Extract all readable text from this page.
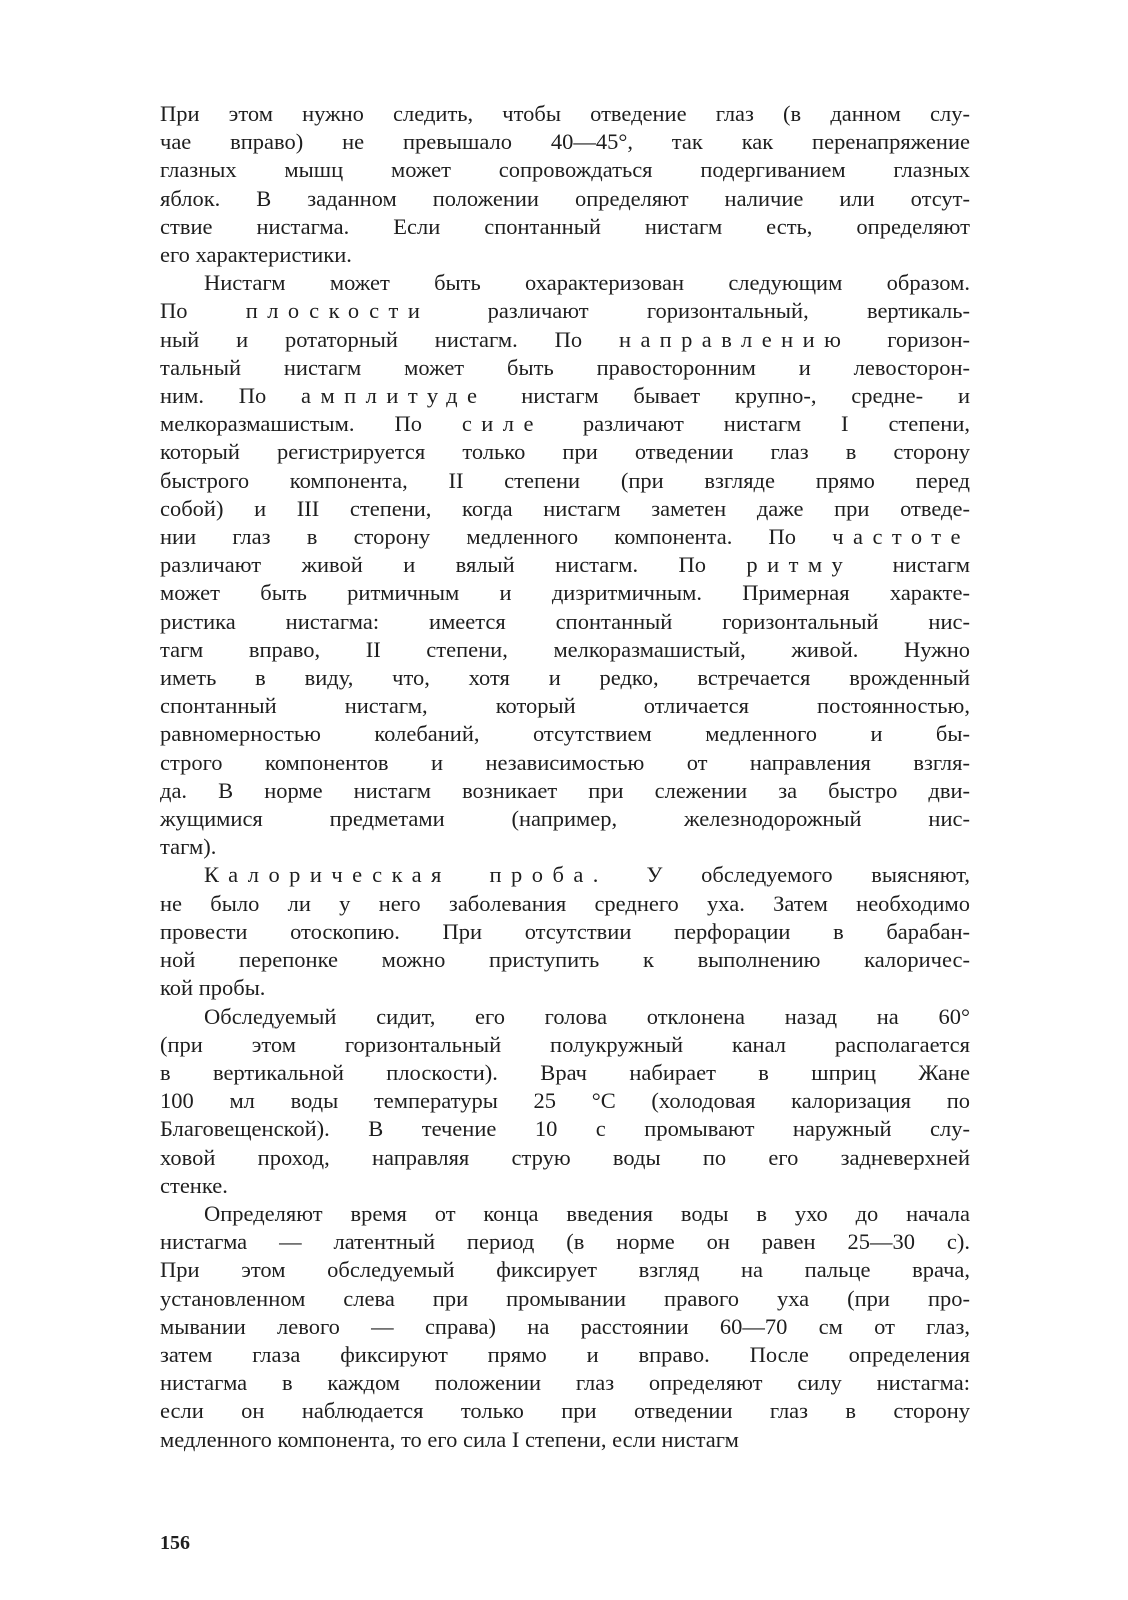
При этом нужно следить, чтобы отведение глаз (в данном слу-
чае вправо) не превышало 40—45°, так как перенапряжение
глазных мышц может сопровождаться подергиванием глазных
яблок. В заданном положении определяют наличие или отсут-
ствие нистагма. Если спонтанный нистагм есть, определяют
его характеристики.

Нистагм может быть охарактеризован следующим образом.
По плоскости различают горизонтальный, вертикаль-
ный и ротаторный нистагм. По направлению горизон-
тальный нистагм может быть правосторонним и левосторон-
ним. По амплитуде нистагм бывает крупно-, средне- и
мелкоразмашистым. По силе различают нистагм I степени,
который регистрируется только при отведении глаз в сторону
быстрого компонента, II степени (при взгляде прямо перед
собой) и III степени, когда нистагм заметен даже при отведе-
нии глаз в сторону медленного компонента. По частоте
различают живой и вялый нистагм. По ритму нистагм
может быть ритмичным и дизритмичным. Примерная характе-
ристика нистагма: имеется спонтанный горизонтальный нис-
тагм вправо, II степени, мелкоразмашистый, живой. Нужно
иметь в виду, что, хотя и редко, встречается врожденный
спонтанный нистагм, который отличается постоянностью,
равномерностью колебаний, отсутствием медленного и бы-
строго компонентов и независимостью от направления взгля-
да. В норме нистагм возникает при слежении за быстро дви-
жущимися предметами (например, железнодорожный нис-
тагм).

Калорическая проба. У обследуемого выясняют,
не было ли у него заболевания среднего уха. Затем необходимо
провести отоскопию. При отсутствии перфорации в барабан-
ной перепонке можно приступить к выполнению калоричес-
кой пробы.

Обследуемый сидит, его голова отклонена назад на 60°
(при этом горизонтальный полукружный канал располагается
в вертикальной плоскости). Врач набирает в шприц Жане
100 мл воды температуры 25 °С (холодовая калоризация по
Благовещенской). В течение 10 с промывают наружный слу-
ховой проход, направляя струю воды по его задневерхней
стенке.

Определяют время от конца введения воды в ухо до начала
нистагма — латентный период (в норме он равен 25—30 с).
При этом обследуемый фиксирует взгляд на пальце врача,
установленном слева при промывании правого уха (при про-
мывании левого — справа) на расстоянии 60—70 см от глаз,
затем глаза фиксируют прямо и вправо. После определения
нистагма в каждом положении глаз определяют силу нистагма:
если он наблюдается только при отведении глаз в сторону
медленного компонента, то его сила I степени, если нистагм

156
